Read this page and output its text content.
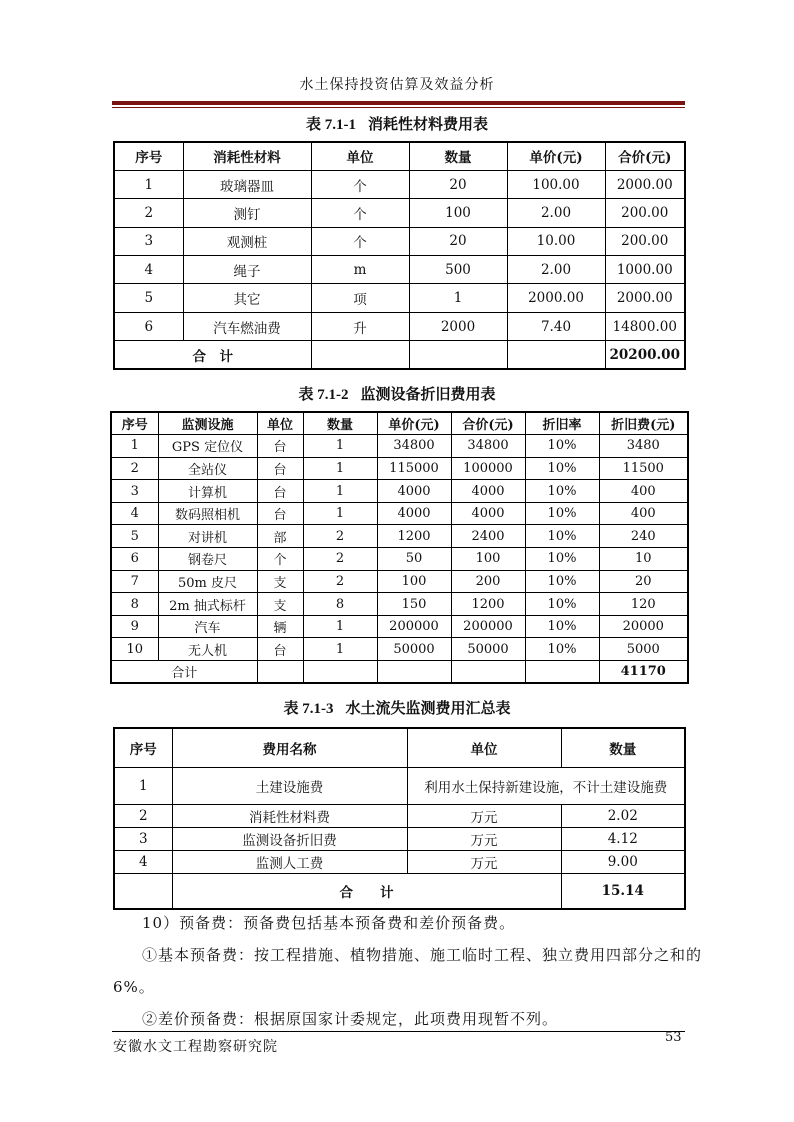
水土保持投资估算及效益分析
表 7.1-1 消耗性材料费用表
序号	消耗性材料	单位	数量	单价(元)	合价(元)
1	玻璃器皿	个	20	100.00	2000.00
2	测钉	个	100	2.00	200.00
3	观测桩	个	20	10.00	200.00
4	绳子	m	500	2.00	1000.00
5	其它	项	1	2000.00	2000.00
6	汽车燃油费	升	2000	7.40	14800.00
合　计					20200.00
表 7.1-2 监测设备折旧费用表
序号	监测设施	单位	数量	单价(元)	合价(元)	折旧率	折旧费(元)
1	GPS 定位仪	台	1	34800	34800	10%	3480
2	全站仪	台	1	115000	100000	10%	11500
3	计算机	台	1	4000	4000	10%	400
4	数码照相机	台	1	4000	4000	10%	400
5	对讲机	部	2	1200	2400	10%	240
6	钢卷尺	个	2	50	100	10%	10
7	50m 皮尺	支	2	100	200	10%	20
8	2m 抽式标杆	支	8	150	1200	10%	120
9	汽车	辆	1	200000	200000	10%	20000
10	无人机	台	1	50000	50000	10%	5000
合计							41170
表 7.1-3 水土流失监测费用汇总表
序号	费用名称	单位	数量
1	土建设施费	利用水土保持新建设施，不计土建设施费	
2	消耗性材料费	万元	2.02
3	监测设备折旧费	万元	4.12
4	监测人工费	万元	9.00
	合　　计		15.14
10）预备费：预备费包括基本预备费和差价预备费。
①基本预备费：按工程措施、植物措施、施工临时工程、独立费用四部分之和的
6%。
②差价预备费：根据原国家计委规定，此项费用现暂不列。
安徽水文工程勘察研究院
53
